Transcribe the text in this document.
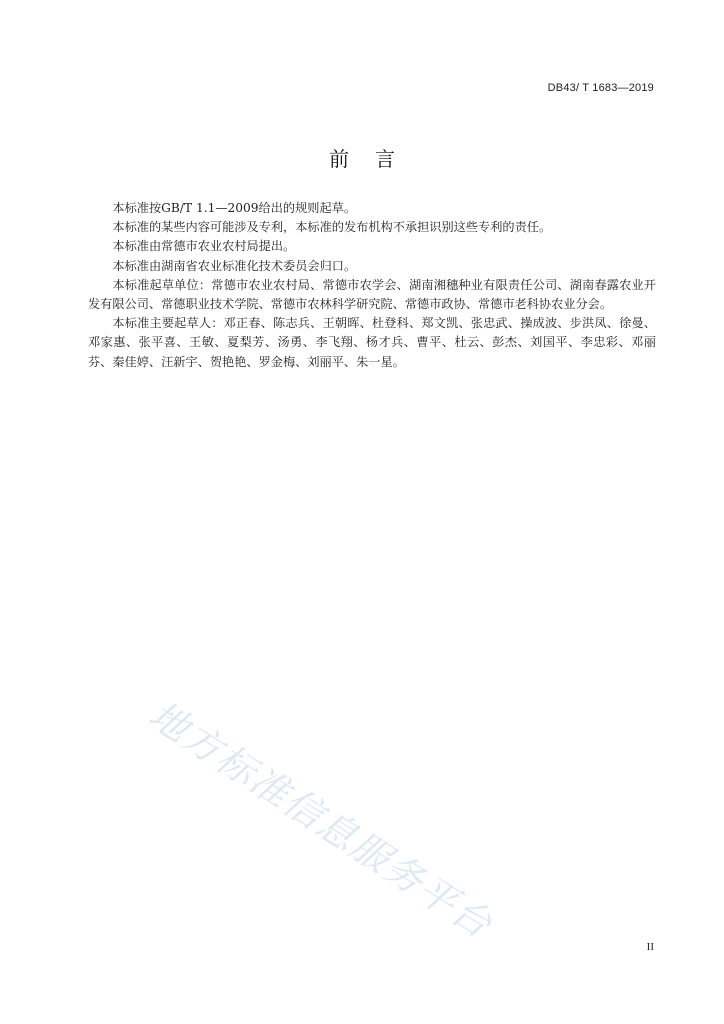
DB43/ T 1683—2019
前言

本标准按GB/T 1.1—2009给出的规则起草。

本标准的某些内容可能涉及专利，本标准的发布机构不承担识别这些专利的责任。

本标准由常德市农业农村局提出。

本标准由湖南省农业标准化技术委员会归口。

本标准起草单位：常德市农业农村局、常德市农学会、湖南湘穗种业有限责任公司、湖南春露农业开发有限公司、常德职业技术学院、常德市农林科学研究院、常德市政协、常德市老科协农业分会。

本标准主要起草人：邓正春、陈志兵、王朝晖、杜登科、郑文凯、张忠武、操成波、步洪凤、徐曼、邓家惠、张平喜、王敏、夏梨芳、汤勇、李飞翔、杨才兵、曹平、杜云、彭杰、刘国平、李忠彩、邓丽芬、秦佳婷、汪新宇、贺艳艳、罗金梅、刘丽平、朱一星。

地方标准信息服务平台	II
